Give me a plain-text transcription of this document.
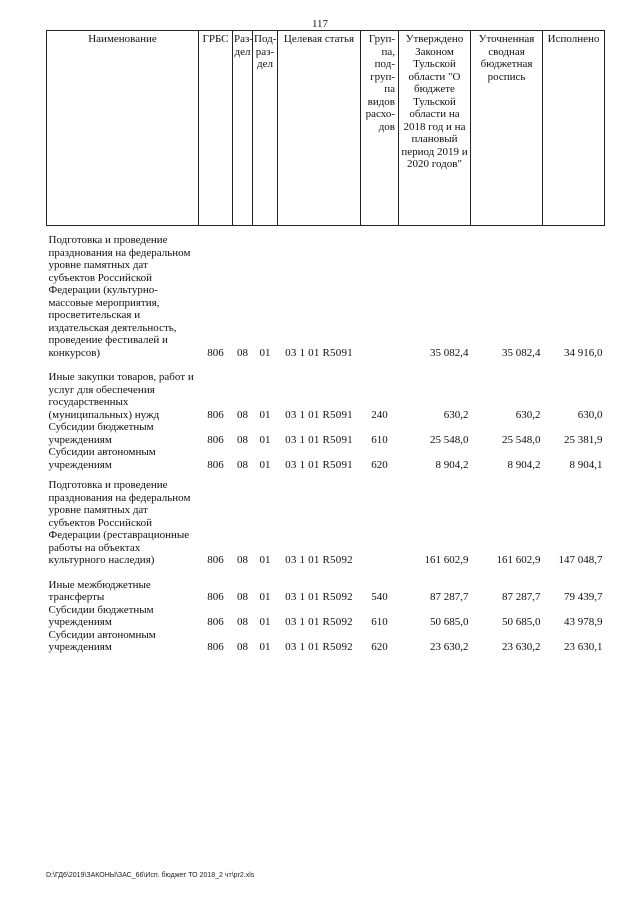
117
Наименование	ГРБС	Раз-дел	Под-раз-дел	Целевая статья	Груп-па, под-груп-па видов расхо-дов	Утверждено Законом Тульской области "О бюджете Тульской области на 2018 год и на плановый период 2019 и 2020 годов"	Уточненная сводная бюджетная роспись	Исполнено

Подготовка и проведение празднования на федеральном уровне памятных дат субъектов Российской Федерации (культурно-массовые мероприятия, просветительская и издательская деятельность, проведение фестивалей и конкурсов)	806	08	01	03 1 01 R5091		35 082,4	35 082,4	34 916,0

Иные закупки товаров, работ и услуг для обеспечения государственных (муниципальных) нужд	806	08	01	03 1 01 R5091	240	630,2	630,2	630,0
Субсидии бюджетным учреждениям	806	08	01	03 1 01 R5091	610	25 548,0	25 548,0	25 381,9
Субсидии автономным учреждениям	806	08	01	03 1 01 R5091	620	8 904,2	8 904,2	8 904,1

Подготовка и проведение празднования на федеральном уровне памятных дат субъектов Российской Федерации (реставрационные работы на объектах культурного наследия)	806	08	01	03 1 01 R5092		161 602,9	161 602,9	147 048,7

Иные межбюджетные трансферты	806	08	01	03 1 01 R5092	540	87 287,7	87 287,7	79 439,7
Субсидии бюджетным учреждениям	806	08	01	03 1 01 R5092	610	50 685,0	50 685,0	43 978,9
Субсидии автономным учреждениям	806	08	01	03 1 01 R5092	620	23 630,2	23 630,2	23 630,1
D:\ГД6\2019\ЗАКОНЫ\ЗАС_66\Исп. бюджет ТО 2018_2 чт\pr2.xls
